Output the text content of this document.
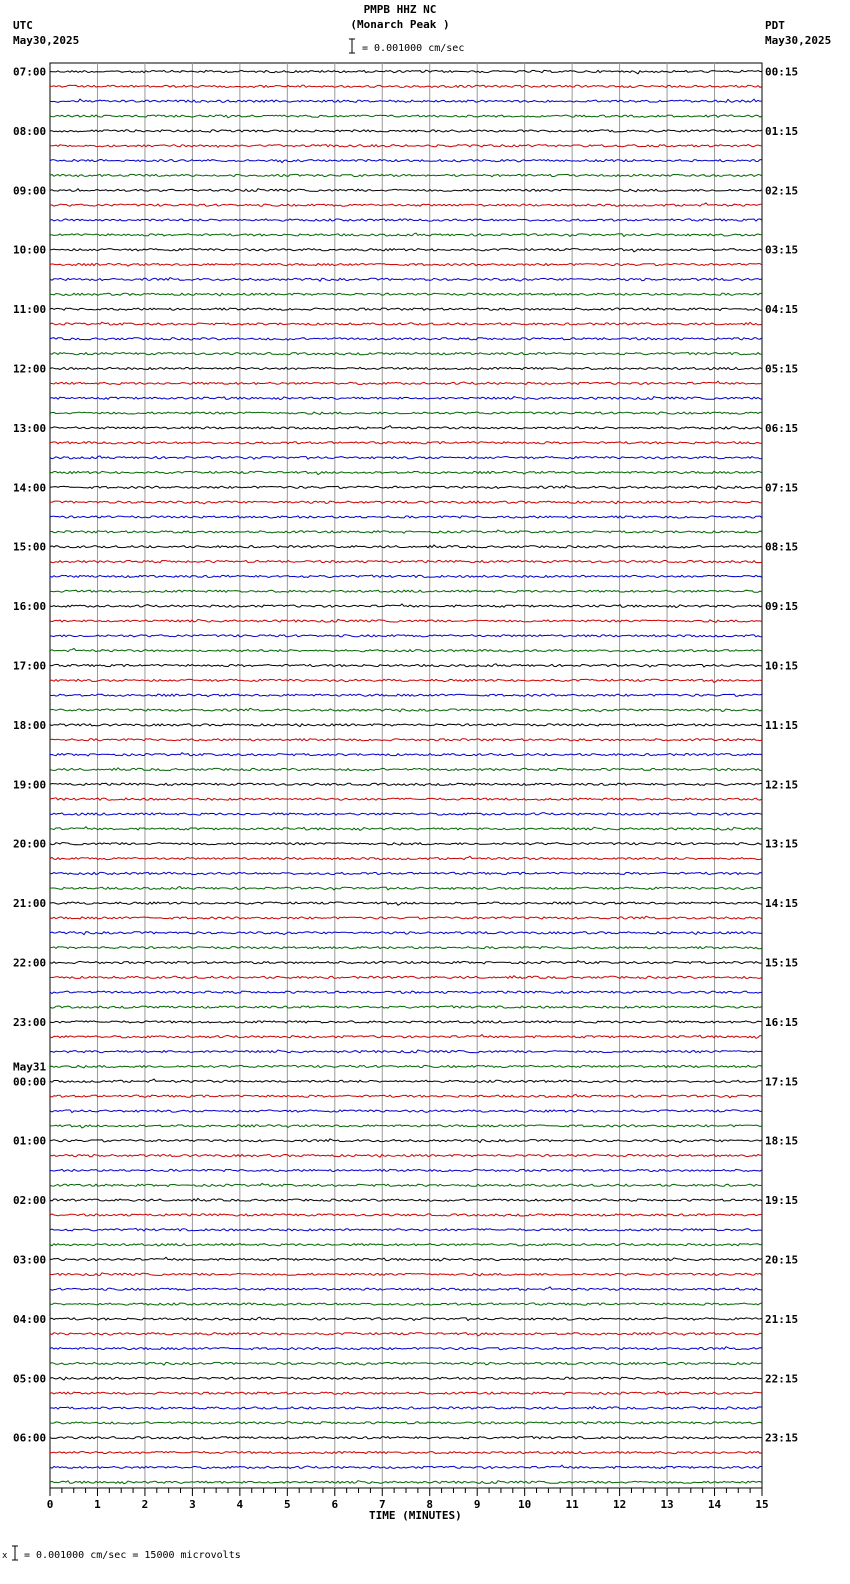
PMPB HHZ NC
(Monarch Peak )
= 0.001000 cm/sec
UTC
May30,2025
PDT
May30,2025
07:00	00:15
08:00	01:15
09:00	02:15
10:00	03:15
11:00	04:15
12:00	05:15
13:00	06:15
14:00	07:15
15:00	08:15
16:00	09:15
17:00	10:15
18:00	11:15
19:00	12:15
20:00	13:15
21:00	14:15
22:00	15:15
23:00	16:15
00:00	17:15
May31
01:00	18:15
02:00	19:15
03:00	20:15
04:00	21:15
05:00	22:15
06:00	23:15
0	1	2	3	4	5	6	7	8	9	10	11	12	13	14	15
TIME (MINUTES)
x = 0.001000 cm/sec = 15000 microvolts
